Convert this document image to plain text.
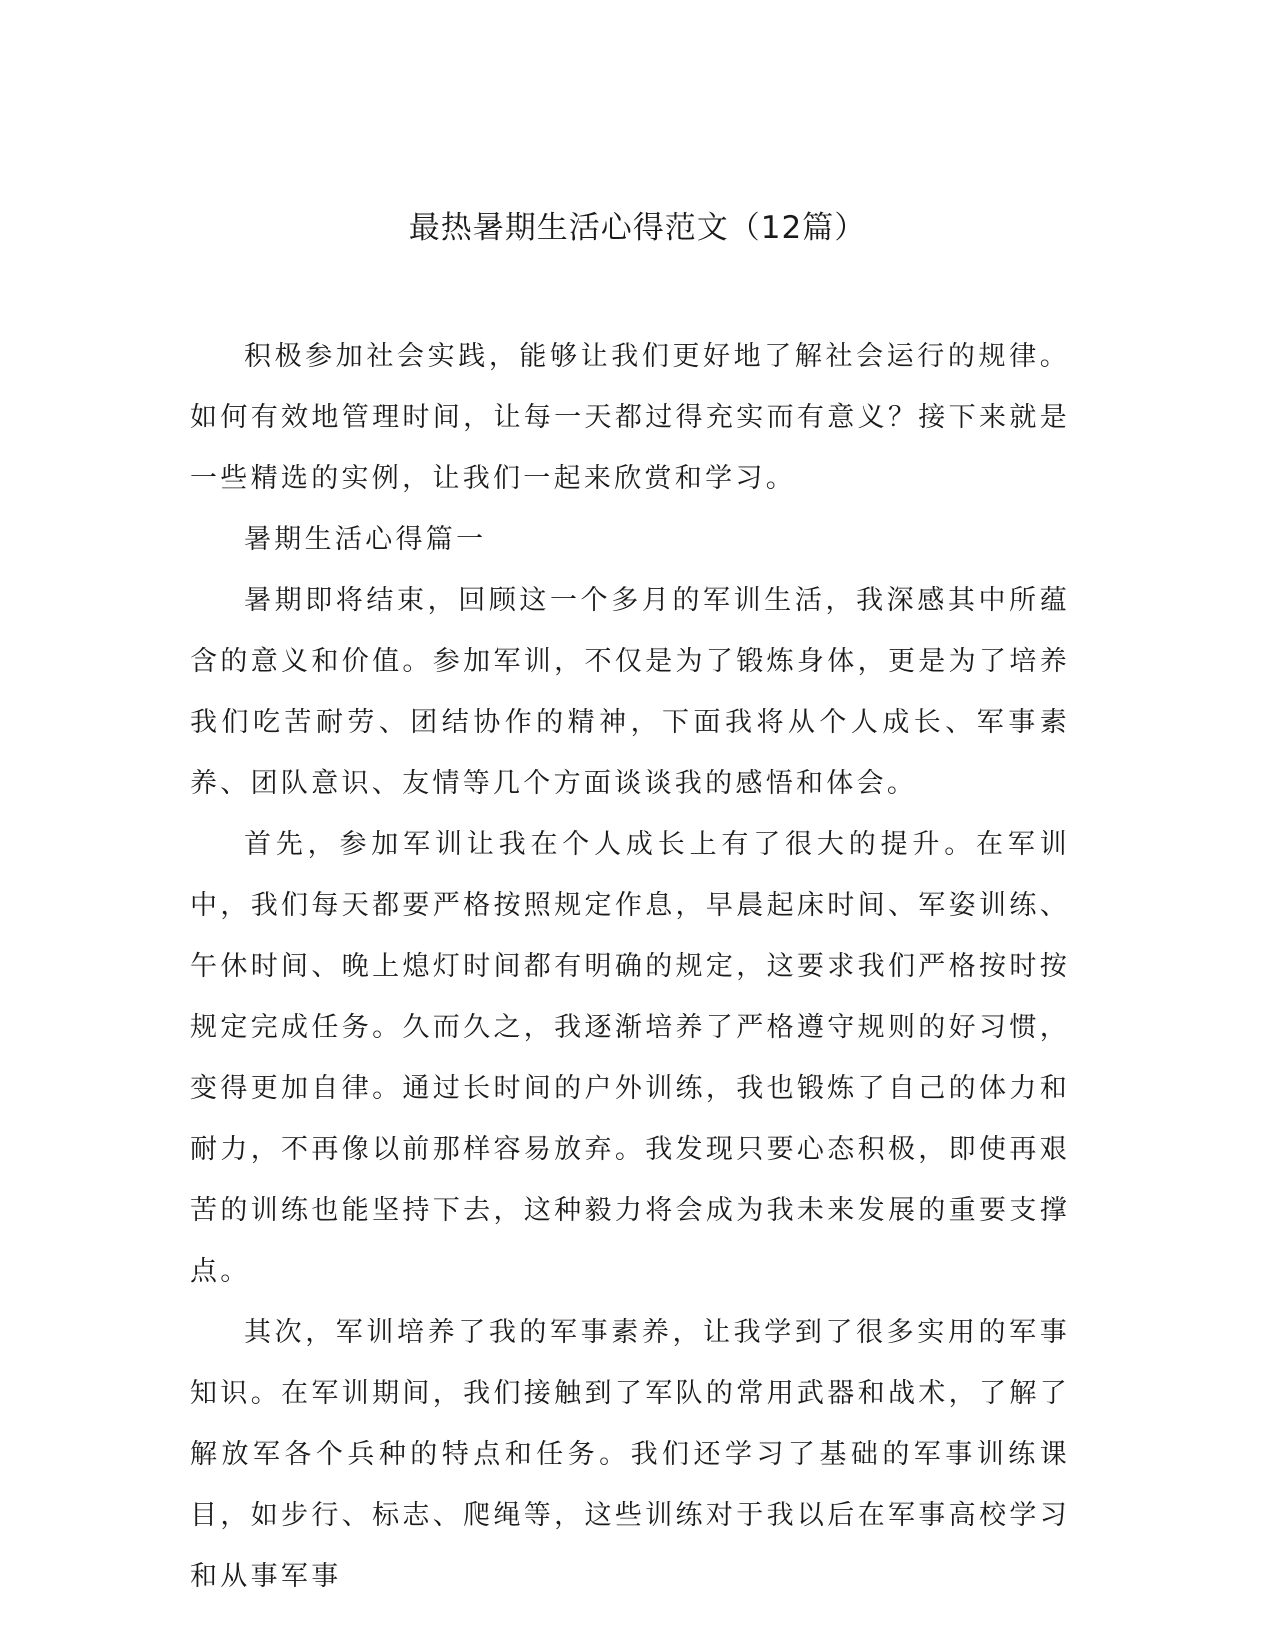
最热暑期生活心得范文（12篇）

积极参加社会实践，能够让我们更好地了解社会运行的规律。如何有效地管理时间，让每一天都过得充实而有意义？接下来就是一些精选的实例，让我们一起来欣赏和学习。

暑期生活心得篇一

暑期即将结束，回顾这一个多月的军训生活，我深感其中所蕴含的意义和价值。参加军训，不仅是为了锻炼身体，更是为了培养我们吃苦耐劳、团结协作的精神，下面我将从个人成长、军事素养、团队意识、友情等几个方面谈谈我的感悟和体会。

首先，参加军训让我在个人成长上有了很大的提升。在军训中，我们每天都要严格按照规定作息，早晨起床时间、军姿训练、午休时间、晚上熄灯时间都有明确的规定，这要求我们严格按时按规定完成任务。久而久之，我逐渐培养了严格遵守规则的好习惯，变得更加自律。通过长时间的户外训练，我也锻炼了自己的体力和耐力，不再像以前那样容易放弃。我发现只要心态积极，即使再艰苦的训练也能坚持下去，这种毅力将会成为我未来发展的重要支撑点。

其次，军训培养了我的军事素养，让我学到了很多实用的军事知识。在军训期间，我们接触到了军队的常用武器和战术，了解了解放军各个兵种的特点和任务。我们还学习了基础的军事训练课目，如步行、标志、爬绳等，这些训练对于我以后在军事高校学习和从事军事
